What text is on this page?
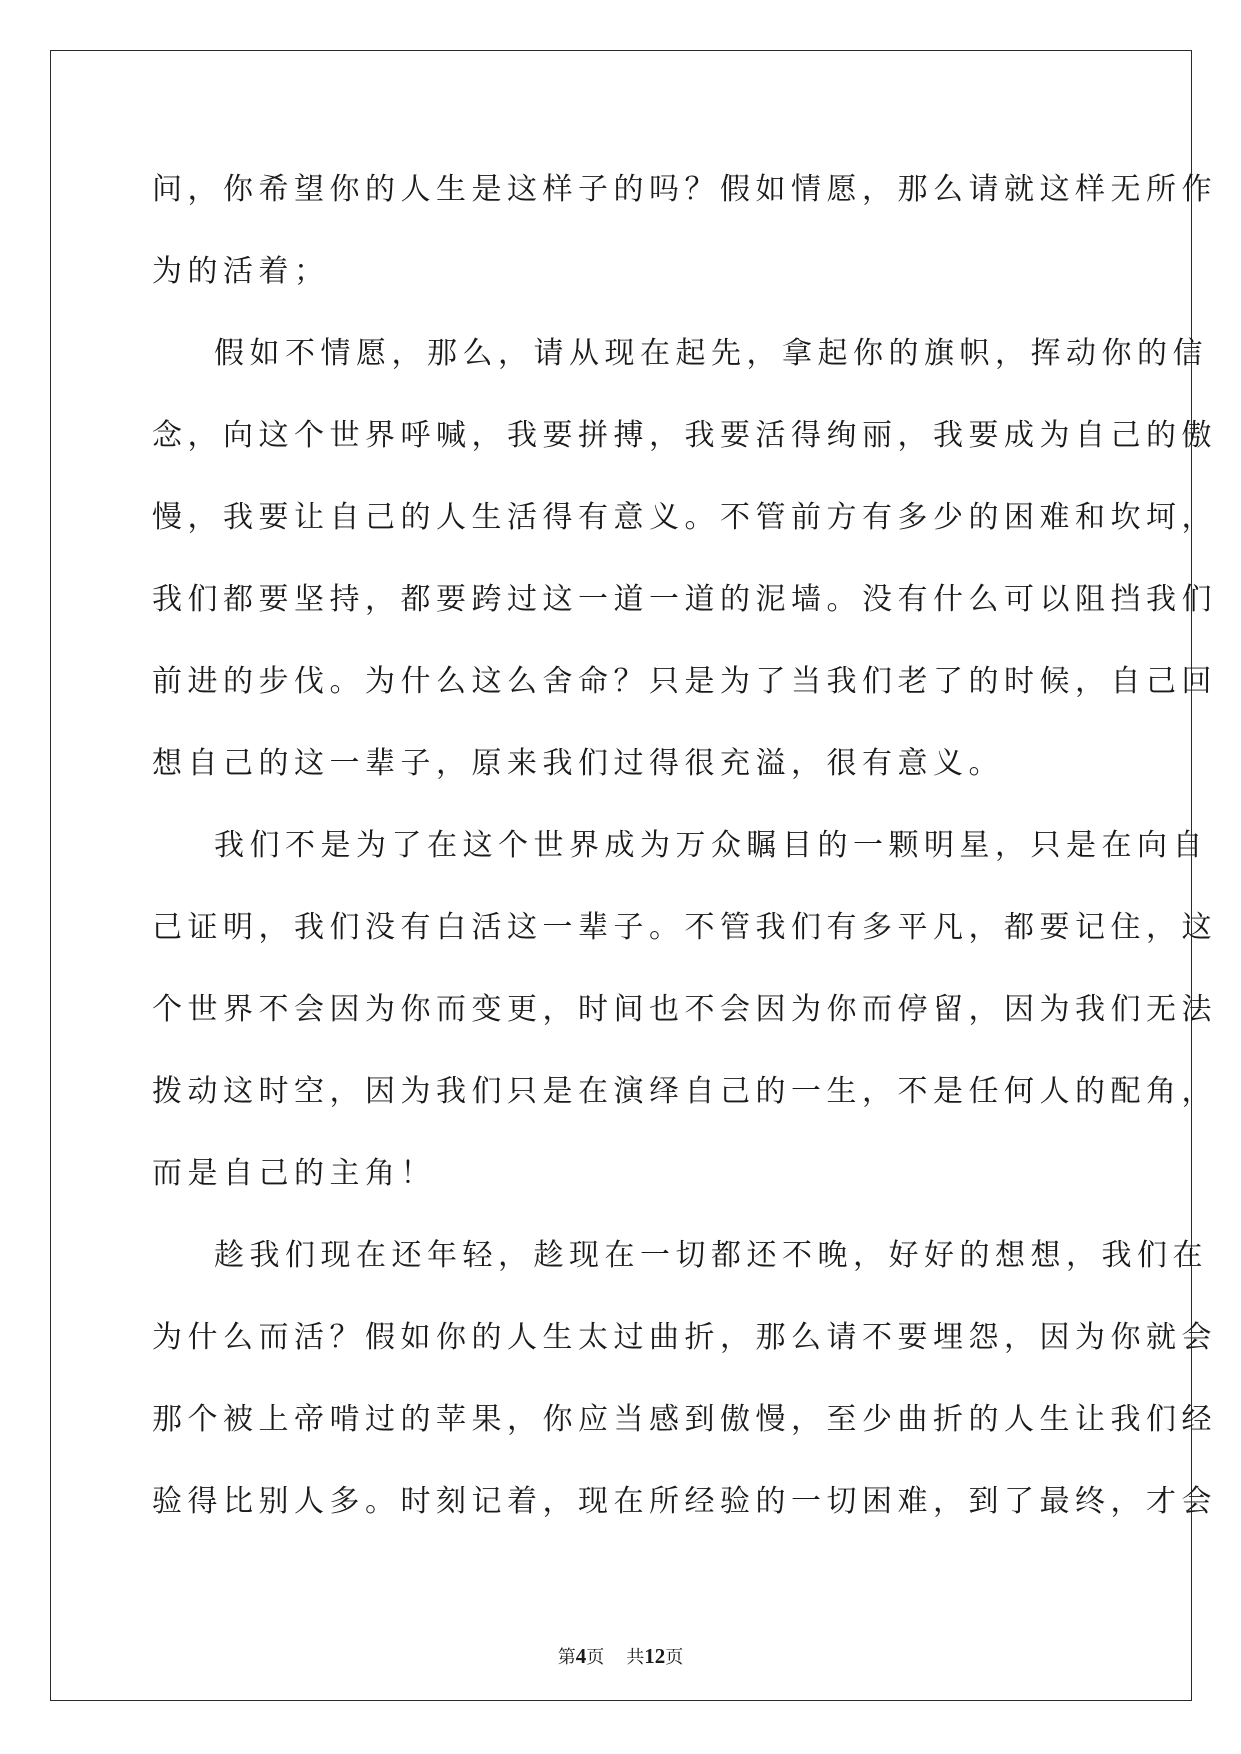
问，你希望你的人生是这样子的吗？假如情愿，那么请就这样无所作
为的活着；
假如不情愿，那么，请从现在起先，拿起你的旗帜，挥动你的信
念，向这个世界呼喊，我要拼搏，我要活得绚丽，我要成为自己的傲
慢，我要让自己的人生活得有意义。不管前方有多少的困难和坎坷，
我们都要坚持，都要跨过这一道一道的泥墙。没有什么可以阻挡我们
前进的步伐。为什么这么舍命？只是为了当我们老了的时候，自己回
想自己的这一辈子，原来我们过得很充溢，很有意义。
我们不是为了在这个世界成为万众瞩目的一颗明星，只是在向自
己证明，我们没有白活这一辈子。不管我们有多平凡，都要记住，这
个世界不会因为你而变更，时间也不会因为你而停留，因为我们无法
拨动这时空，因为我们只是在演绎自己的一生，不是任何人的配角，
而是自己的主角！
趁我们现在还年轻，趁现在一切都还不晚，好好的想想，我们在
为什么而活？假如你的人生太过曲折，那么请不要埋怨，因为你就会
那个被上帝啃过的苹果，你应当感到傲慢，至少曲折的人生让我们经
验得比别人多。时刻记着，现在所经验的一切困难，到了最终，才会
第4页 共12页
